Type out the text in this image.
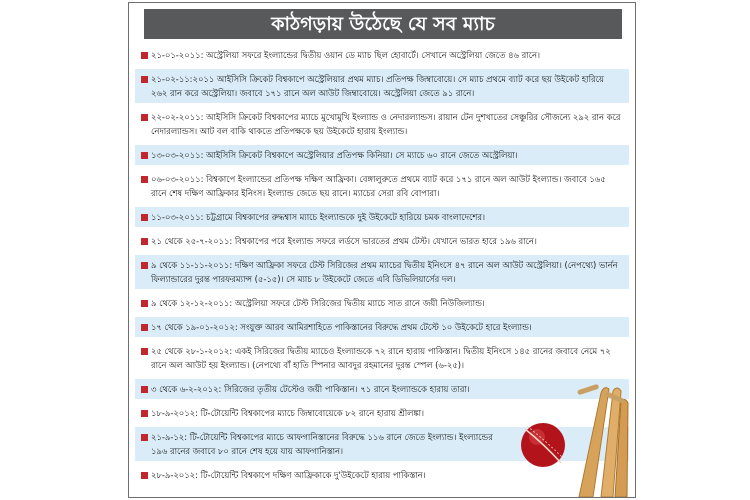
কাঠগড়ায় উঠেছে যে সব ম্যাচ
২১-০১-২০১১: অস্ট্রেলিয়া সফরে ইংল্যান্ডের দ্বিতীয় ওয়ান ডে ম্যাচ ছিল হোবার্টে। সেখানে অস্ট্রেলিয়া জেতে ৪৬ রানে।
২১-০২-১১:২০১১ আইসিসি ক্রিকেট বিশ্বকাপে অস্ট্রেলিয়ার প্রথম ম্যাচ। প্রতিপক্ষ জিম্বাবোয়ে। সে ম্যাচ প্রথমে ব্যাট করে ছয় উইকেট হারিয়ে ২৬২ রান করে অস্ট্রেলিয়া। জবাবে ১৭১ রানে অল আউট জিম্বাবোয়ে। অস্ট্রেলিয়া জেতে ৯১ রানে।
২২-০২-২০১১: আইসিসি ক্রিকেট বিশ্বকাপের ম্যাচে মুখোমুখি ইংল্যান্ড ও নেদারল্যান্ডস। রায়ান টেন দুশখাতের সেঞ্চুরির সৌজন্যে ২৯২ রান করে নেদারল্যান্ডস। আট বল বাকি থাকতে প্রতিপক্ষকে ছয় উইকেটে হারায় ইংল্যান্ড।
১৩-০৩-২০১১: আইসিসি ক্রিকেট বিশ্বকাপে অস্ট্রেলিয়ার প্রতিপক্ষ কিনিয়া। সে ম্যাচে ৬০ রানে জেতে অস্ট্রেলিয়া।
০৬-০৩-২০১১: বিশ্বকাপে ইংল্যান্ডের প্রতিপক্ষ দক্ষিণ আফ্রিকা। বেঙ্গালুরুতে প্রথমে ব্যাট করে ১৭১ রানে অল আউট ইংল্যান্ড। জবাবে ১৬৫ রানে শেষ দক্ষিণ আফ্রিকার ইনিংস। ইংল্যান্ড জেতে ছয় রানে। ম্যাচের সেরা রবি বোপারা।
১১-০৩-২০১১: চট্টগ্রামে বিশ্বকাপের রুদ্ধশ্বাস ম্যাচে ইংল্যান্ডকে দুই উইকেটে হারিয়ে চমক বাংলাদেশের।
২১ থেকে ২৫-৭-২০১১: বিশ্বকাপের পরে ইংল্যান্ড সফরে লর্ডসে ভারতের প্রথম টেস্ট। যেখানে ভারত হারে ১৯৬ রানে।
৯ থেকে ১১-১১-২০১১: দক্ষিণ আফ্রিকা সফরে টেস্ট সিরিজের প্রথম ম্যাচের দ্বিতীয় ইনিংসে ৪৭ রানে অল আউট অস্ট্রেলিয়া। (নেপথ্যে) ভার্নন ফিল্যান্ডারের দুরন্ত পারফরম্যান্স (৫-১৫)। সে ম্যাচ ৮ উইকেটে জেতে এবি ডিভিলিয়ার্সের দল।
৯ থেকে ১২-১২-২০১১: অস্ট্রেলিয়া সফরে টেস্ট সিরিজের দ্বিতীয় ম্যাচে সাত রানে জয়ী নিউজিল্যান্ড।
১৭ থেকে ১৯-০১-২০১২: সংযুক্ত আরব আমিরশাহিতে পাকিস্তানের বিরুদ্ধে প্রথম টেস্টে ১০ উইকেটে হারে ইংল্যান্ড।
২৫ থেকে ২৮-১-২০১২: একই সিরিজের দ্বিতীয় ম্যাচেও ইংল্যান্ডকে ৭২ রানে হারায় পাকিস্তান। দ্বিতীয় ইনিংসে ১৪৫ রানের জবাবে নেমে ৭২ রানে অল আউট হয় ইংল্যান্ড। (নেপথ্যে বাঁ হাতি স্পিনার আবদুর রহমানের দুরন্ত স্পেল (৬-২৫)।
৩ থেকে ৬-২-২০১২: সিরিজের তৃতীয় টেস্টেও জয়ী পাকিস্তান। ৭১ রানে ইংল্যান্ডকে হারায় তারা।
১৮-৯-২০১২: টি-টোয়েন্টি বিশ্বকাপের ম্যাচে জিম্বাবোয়েকে ৮২ রানে হারায় শ্রীলঙ্কা।
২১-৯-১২: টি-টোয়েন্টি বিশ্বকাপের ম্যাচে আফগানিস্তানের বিরুদ্ধে ১১৬ রানে জেতে ইংল্যান্ড। ইংল্যান্ডের ১৯৬ রানের জবাবে ৮০ রানে শেষ হয়ে যায় আফগানিস্তান।
২৮-৯-২০১২: টি-টোয়েন্টি বিশ্বকাপে দক্ষিণ আফ্রিকাকে দু'উইকেটে হারায় পাকিস্তান।
